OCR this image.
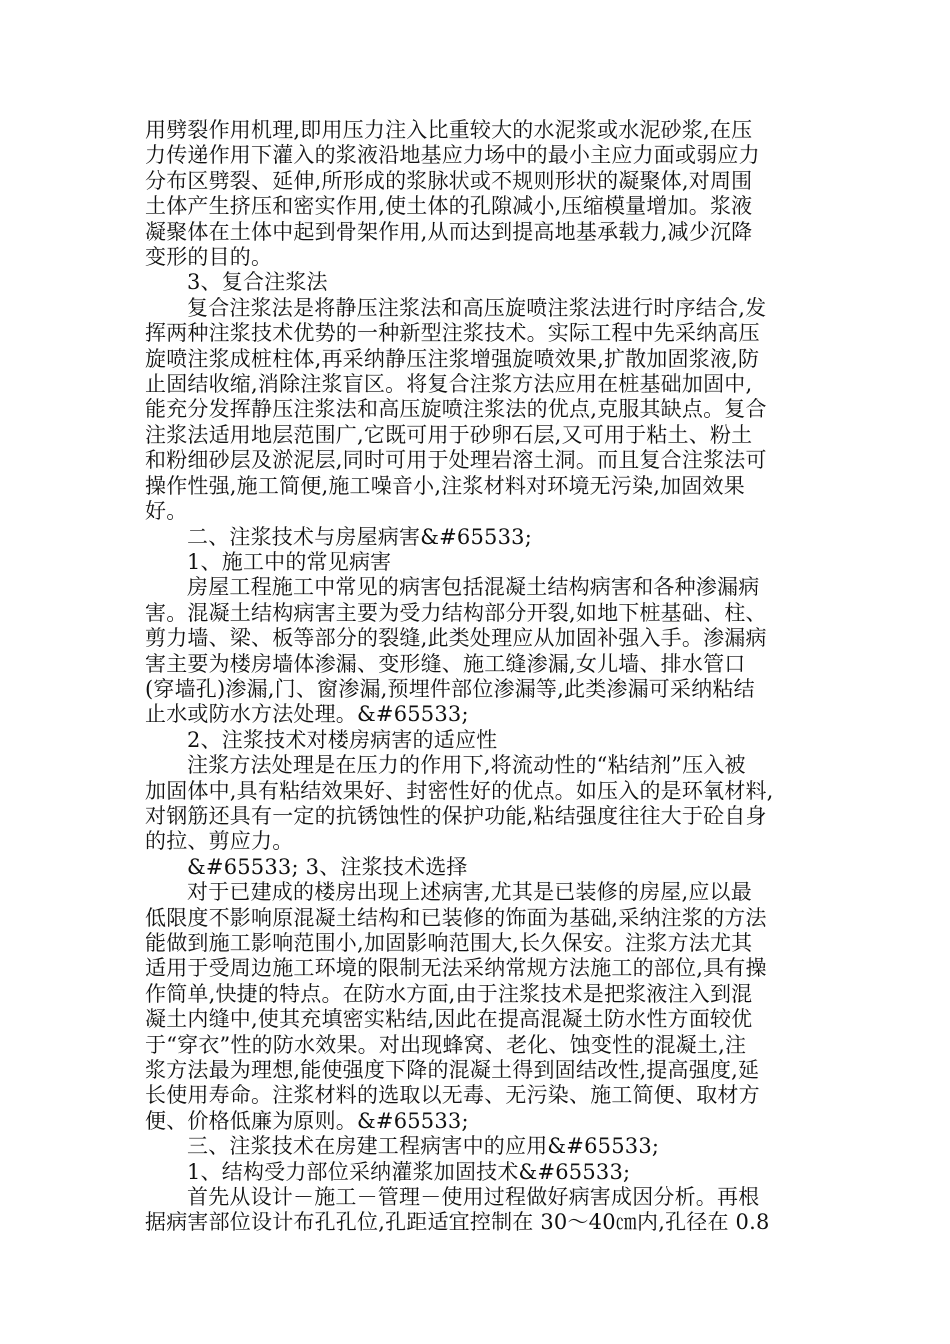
用劈裂作用机理,即用压力注入比重较大的水泥浆或水泥砂浆,在压
力传递作用下灌入的浆液沿地基应力场中的最小主应力面或弱应力
分布区劈裂、延伸,所形成的浆脉状或不规则形状的凝聚体,对周围
土体产生挤压和密实作用,使土体的孔隙减小,压缩模量增加。浆液
凝聚体在土体中起到骨架作用,从而达到提高地基承载力,减少沉降
变形的目的。
3、复合注浆法
复合注浆法是将静压注浆法和高压旋喷注浆法进行时序结合,发
挥两种注浆技术优势的一种新型注浆技术。实际工程中先采纳高压
旋喷注浆成桩柱体,再采纳静压注浆增强旋喷效果,扩散加固浆液,防
止固结收缩,消除注浆盲区。将复合注浆方法应用在桩基础加固中,
能充分发挥静压注浆法和高压旋喷注浆法的优点,克服其缺点。复合
注浆法适用地层范围广,它既可用于砂卵石层,又可用于粘土、粉土
和粉细砂层及淤泥层,同时可用于处理岩溶土洞。而且复合注浆法可
操作性强,施工简便,施工噪音小,注浆材料对环境无污染,加固效果
好。
二、注浆技术与房屋病害&#65533;
1、施工中的常见病害
房屋工程施工中常见的病害包括混凝土结构病害和各种渗漏病
害。混凝土结构病害主要为受力结构部分开裂,如地下桩基础、柱、
剪力墙、梁、板等部分的裂缝,此类处理应从加固补强入手。渗漏病
害主要为楼房墙体渗漏、变形缝、施工缝渗漏,女儿墙、排水管口
(穿墙孔)渗漏,门、窗渗漏,预埋件部位渗漏等,此类渗漏可采纳粘结
止水或防水方法处理。&#65533;
2、注浆技术对楼房病害的适应性
注浆方法处理是在压力的作用下,将流动性的“粘结剂”压入被
加固体中,具有粘结效果好、封密性好的优点。如压入的是环氧材料,
对钢筋还具有一定的抗锈蚀性的保护功能,粘结强度往往大于砼自身
的拉、剪应力。
&#65533; 3、注浆技术选择
对于已建成的楼房出现上述病害,尤其是已装修的房屋,应以最
低限度不影响原混凝土结构和已装修的饰面为基础,采纳注浆的方法
能做到施工影响范围小,加固影响范围大,长久保安。注浆方法尤其
适用于受周边施工环境的限制无法采纳常规方法施工的部位,具有操
作简单,快捷的特点。在防水方面,由于注浆技术是把浆液注入到混
凝土内缝中,使其充填密实粘结,因此在提高混凝土防水性方面较优
于“穿衣”性的防水效果。对出现蜂窝、老化、蚀变性的混凝土,注
浆方法最为理想,能使强度下降的混凝土得到固结改性,提高强度,延
长使用寿命。注浆材料的选取以无毒、无污染、施工简便、取材方
便、价格低廉为原则。&#65533;
三、注浆技术在房建工程病害中的应用&#65533;
1、结构受力部位采纳灌浆加固技术&#65533;
首先从设计－施工－管理－使用过程做好病害成因分析。再根
据病害部位设计布孔孔位,孔距适宜控制在 30～40㎝内,孔径在 0.8
